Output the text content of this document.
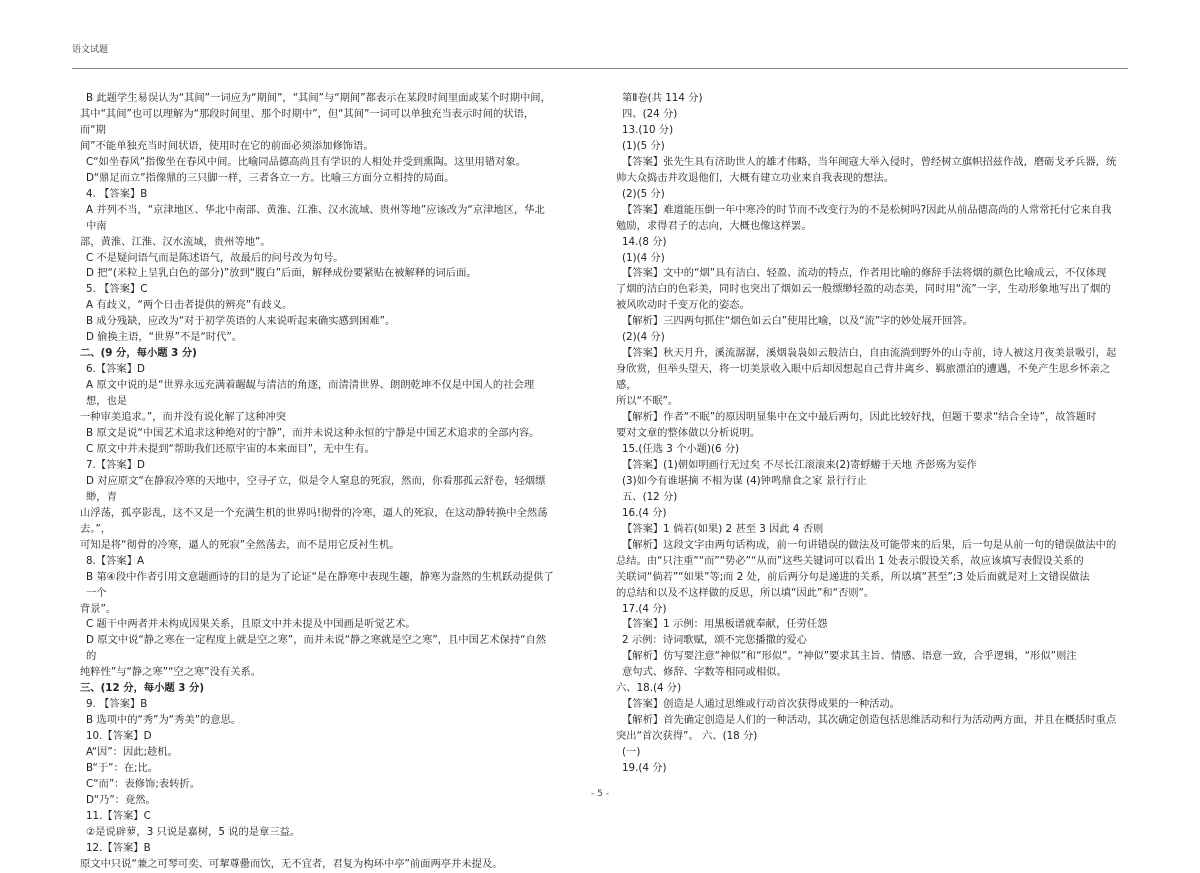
语文试题

B 此题学生易误认为“其间”一词应为“期间”，“其间”与“期间”都表示在某段时间里面或某个时期中间，

其中“其间”也可以理解为“那段时间里、那个时期中”，但“其间”一词可以单独充当表示时间的状语，而“期

间”不能单独充当时间状语，使用时在它的前面必须添加修饰语。

C“如坐春风”指像坐在春风中间。比喻同品德高尚且有学识的人相处并受到熏陶。这里用错对象。

D“鼎足而立”指像鼎的三只脚一样，三者各立一方。比喻三方面分立相持的局面。

4. 【答案】B

A 并列不当，“京津地区、华北中南部、黄淮、江淮、汉水流域、贵州等地”应该改为“京津地区，华北中南

部，黄淮、江淮、汉水流域，贵州等地”。

C 不是疑问语气而是陈述语气，故最后的问号改为句号。

D 把“(米粒上呈乳白色的部分)”放到“腹白”后面，解释成份要紧贴在被解释的词后面。

5. 【答案】C

A 有歧义，“两个日击者提供的辨亮”有歧义。

B 成分残缺，应改为“对于初学英语的人来说听起来确实感到困难”。

D 偷换主语，“世界”不是“时代”。

二、(9 分，每小题 3 分)

6.【答案】D

A 原文中说的是“世界永远充满着龌龊与清洁的角逐，而清清世界、朗朗乾坤不仅是中国人的社会理想，也是

一种审美追求。”，而并没有说化解了这种冲突

B 原文是说“中国艺术追求这种绝对的宁静”，而并未说这种永恒的宁静是中国艺术追求的全部内容。

C 原文中并未提到“帮助我们还原宇宙的本来面目”，无中生有。

7.【答案】D

D 对应原文“在静寂冷寒的天地中，空寻孑立，似是令人窒息的死寂，然而，你看那孤云舒卷，轻烟缥缈，青

山浮荡，孤亭影乱，这不又是一个充满生机的世界吗!彻骨的冷寒，逼人的死寂，在这动静转换中全然荡去。”，

可知是将“彻骨的冷寒，逼人的死寂”全然荡去，而不是用它反衬生机。

8.【答案】A

B 第④段中作者引用文意题画诗的目的是为了论证“是在静寒中表现生趣，静寒为盎然的生机跃动提供了一个

背景”。

C 题干中两者并未构成因果关系，且原文中并未提及中国画是听觉艺术。

D 原文中说“静之寒在一定程度上就是空之寒”，而并未说“静之寒就是空之寒”，且中国艺术保持“自然的

纯粹性”与“静之寒”“空之寒”没有关系。

三、(12 分，每小题 3 分)

9. 【答案】B

B 选项中的“秀”为“秀美”的意思。

10.【答案】D

A“因”：因此;趁机。

B“于”：在;比。

C“而”：表修饰;表转折。

D“乃”：竟然。

11.【答案】C

②是说辟萝，3 只说是嘉树，5 说的是章三益。

12.【答案】B

原文中只说“兼之可琴可奕、可挈尊罍而饮，无不宜者，君复为构环中亭”前面两亭并未提及。

第Ⅱ卷(共 114 分)

四、(24 分)

13.(10 分)

(1)(5 分)

【答案】张先生具有济助世人的雄才伟略，当年闽寇大举入侵时，曾经树立旗帜招兹作战，磨砺戈矛兵器，统

帅大众捣击并攻退他们，大概有建立功业来自我表现的想法。

(2)(5 分)

【答案】难道能压倒一年中寒冷的时节而不改变行为的不是松树吗?因此从前品德高尚的人常常托付它来自我

勉励，求得君子的志向，大概也像这样罢。

14.(8 分)

(1)(4 分)

【答案】文中的“烟”具有洁白、轻盈、流动的特点，作者用比喻的修辞手法将烟的颜色比喻成云，不仅体现

了烟的洁白的色彩美，同时也突出了烟如云一般缥缈轻盈的动态美，同时用“流”一字，生动形象地写出了烟的

被风吹动时千变万化的姿态。

【解析】三四两句抓住“烟色如云白”使用比喻，以及“流”字的妙处展开回答。

(2)(4 分)

【答案】秋天月升，溪流潺潺，溪烟袅袅如云般洁白，自由流淌到野外的山寺前，诗人被这月夜美景吸引，起

身欣赏，但举头望天，将一切美景收入眼中后却因想起自己背井离乡、羁旅漂泊的遭遇，不免产生思乡怀亲之感，

所以“不眠”。

【解析】作者“不眠”的原因明显集中在文中最后两句，因此比较好找，但题干要求“结合全诗”，故答题时

要对文章的整体做以分析说明。

15.(任选 3 个小题)(6 分)

【答案】(1)朝如明画行无过矣 不尽长江滚滚来(2)寄蜉蝣于天地 齐彭殇为妄作

(3)如今有谁堪摘 不相为谋 (4)钟鸣鼎食之家 景行行止

五、(12 分)

16.(4 分)

【答案】1 倘若(如果) 2 甚至 3 因此 4 否则

【解析】这段文字由两句话构成，前一句讲错误的做法及可能带来的后果，后一句是从前一句的错误做法中的

总结。由“只注重”“而”“势必”“从而”这些关键词可以看出 1 处表示假设关系，故应该填写表假设关系的

关联词“倘若”“如果”等;而 2 处，前后两分句是递进的关系，所以填“甚至”;3 处后面就是对上文错误做法

的总结和以及不这样做的反思，所以填“因此”和“否则”。

17.(4 分)

【答案】1 示例：用黑板谱就奉献，任劳任怨

2 示例：诗词歌赋，颂不完您播撒的爱心

【解析】仿写要注意“神似”和“形似”。“神似”要求其主旨、情感、语意一致，合乎逻辑，“形似”则注

意句式、修辞、字数等相同或相似。

六、18.(4 分)

【答案】创造是人通过思维或行动首次获得成果的一种活动。

【解析】首先确定创造是人们的一种活动，其次确定创造包括思维活动和行为活动两方面，并且在概括时重点

突出“首次获得”。 六、(18 分)

(一)

19.(4 分)

- 5 -
